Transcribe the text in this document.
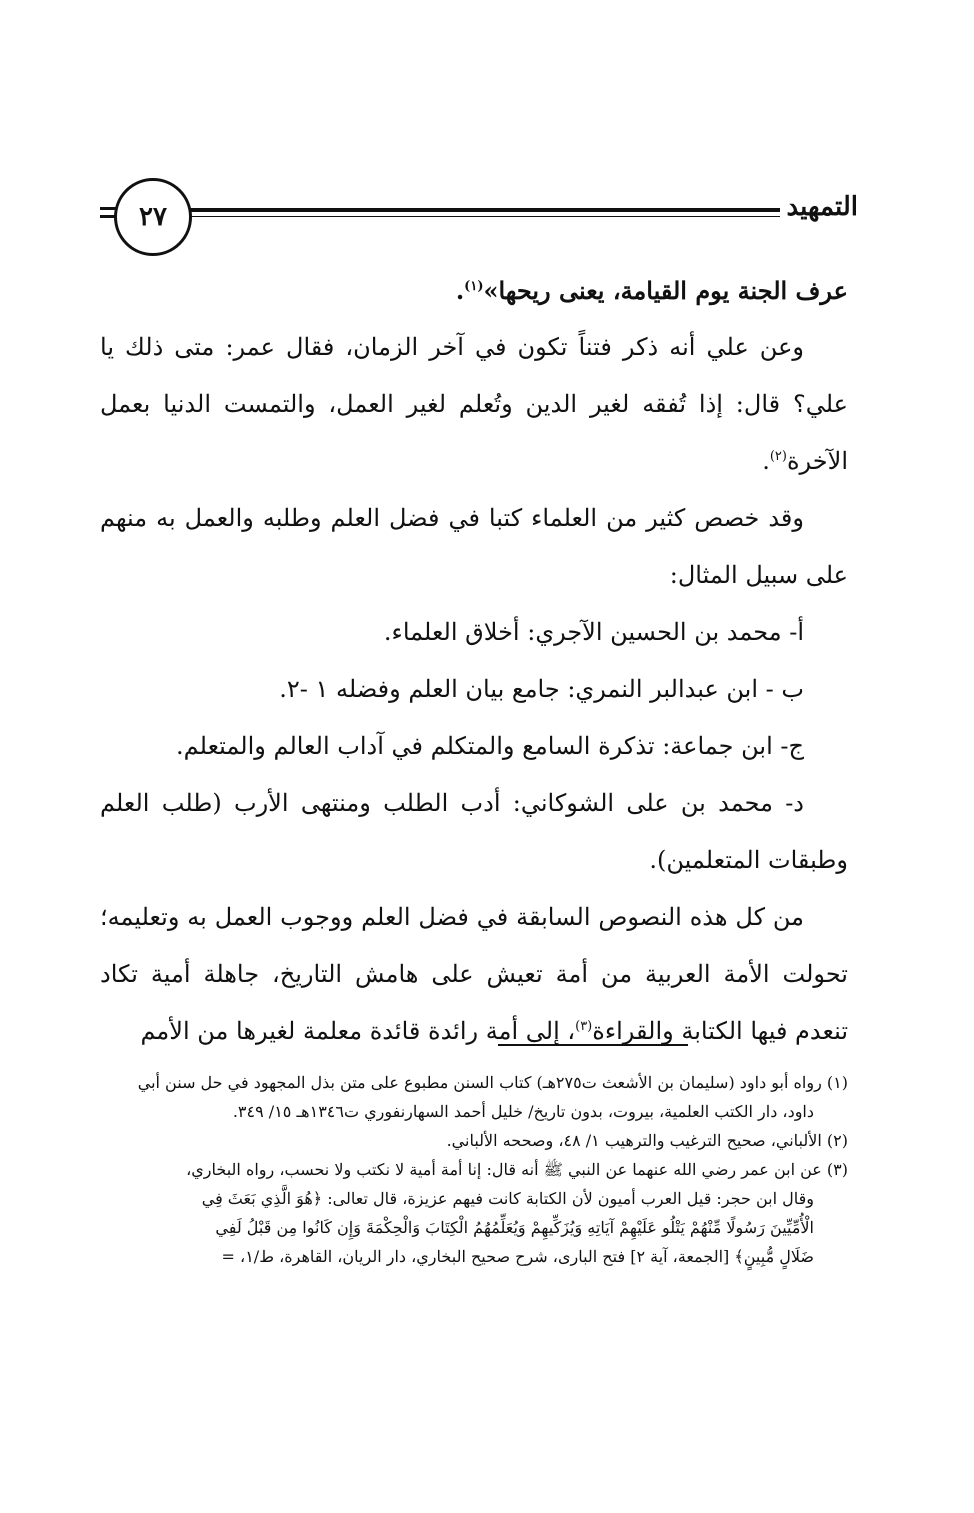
٢٧	التمهيد

عرف الجنة يوم القيامة، يعنى ريحها»$^{(١)}$.

وعن علي أنه ذكر فتناً تكون في آخر الزمان، فقال عمر: متى ذلك يا علي؟ قال: إذا تُفقه لغير الدين وتُعلم لغير العمل، والتمست الدنيا بعمل الآخرة$^{(٢)}$.

وقد خصص كثير من العلماء كتبا في فضل العلم وطلبه والعمل به منهم على سبيل المثال:

أ- محمد بن الحسين الآجري: أخلاق العلماء.

ب - ابن عبدالبر النمري: جامع بيان العلم وفضله ١ -٢.

ج- ابن جماعة: تذكرة السامع والمتكلم في آداب العالم والمتعلم.

د- محمد بن على الشوكاني: أدب الطلب ومنتهى الأرب (طلب العلم وطبقات المتعلمين).

من كل هذه النصوص السابقة في فضل العلم ووجوب العمل به وتعليمه؛ تحولت الأمة العربية من أمة تعيش على هامش التاريخ، جاهلة أمية تكاد تنعدم فيها الكتابة والقراءة$^{(٣)}$، إلى أمة رائدة قائدة معلمة لغيرها من الأمم

(١) رواه أبو داود (سليمان بن الأشعث ت٢٧٥هـ) كتاب السنن مطبوع على متن بذل المجهود في حل سنن أبي

داود، دار الكتب العلمية، بيروت، بدون تاريخ/ خليل أحمد السهارنفوري ت١٣٤٦هـ ١٥/ ٣٤٩.

(٢) الألباني، صحيح الترغيب والترهيب ١/ ٤٨، وصححه الألباني.

(٣) عن ابن عمر رضي الله عنهما عن النبي ﷺ أنه قال: إنا أمة أمية لا نكتب ولا نحسب، رواه البخاري،

وقال ابن حجر: قيل العرب أميون لأن الكتابة كانت فيهم عزيزة، قال تعالى: ﴿هُوَ الَّذِي بَعَثَ فِي

الْأُمِّيِّينَ رَسُولًا مِّنْهُمْ يَتْلُو عَلَيْهِمْ آيَاتِهِ وَيُزَكِّيهِمْ وَيُعَلِّمُهُمُ الْكِتَابَ وَالْحِكْمَةَ وَإِن كَانُوا مِن قَبْلُ لَفِي

ضَلَالٍ مُّبِينٍ﴾ [الجمعة، آية ٢] فتح البارى، شرح صحيح البخاري، دار الريان، القاهرة، ط/١، =
